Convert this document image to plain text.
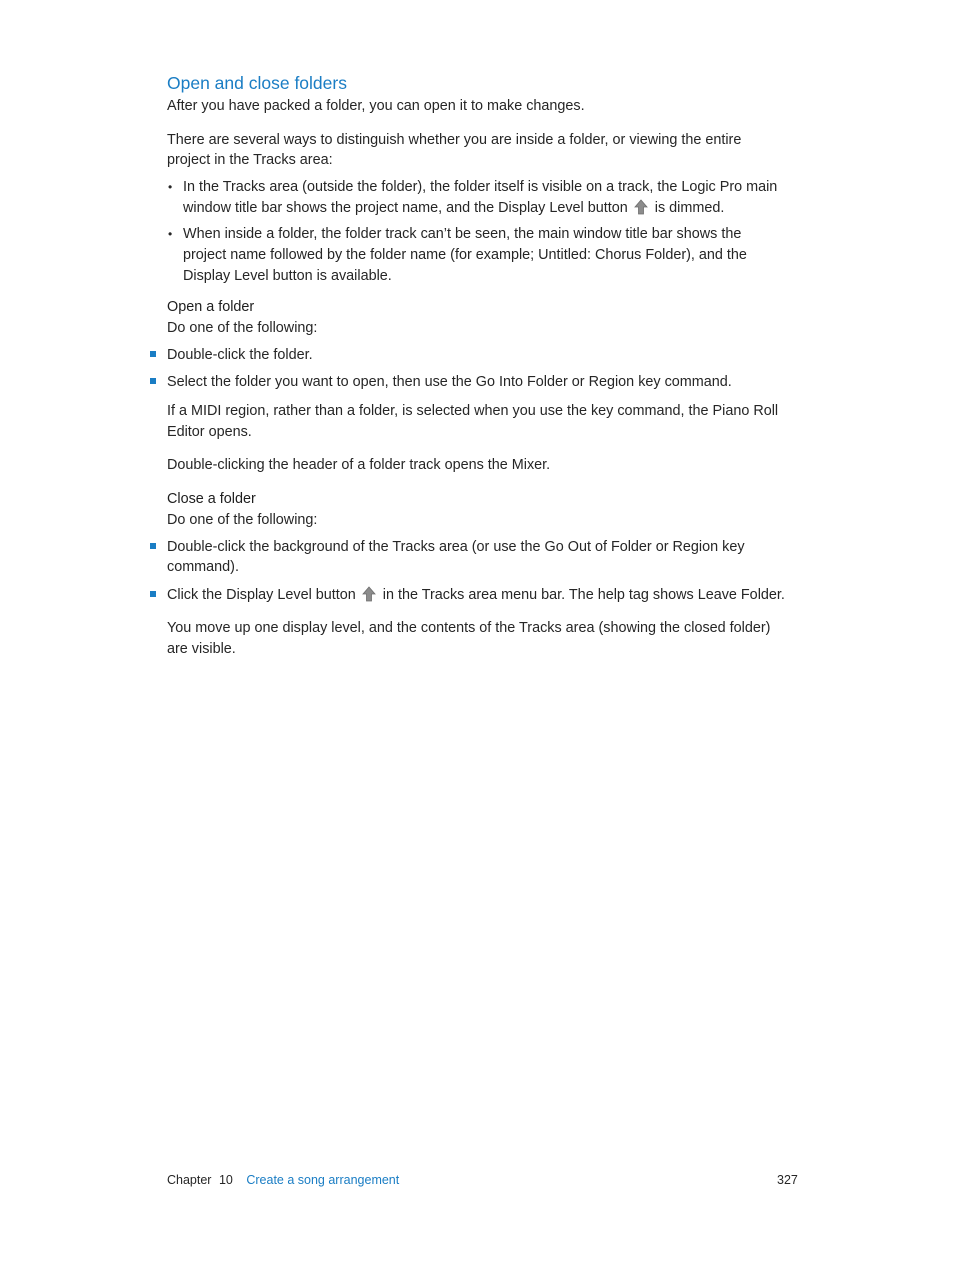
Open and close folders
After you have packed a folder, you can open it to make changes.
There are several ways to distinguish whether you are inside a folder, or viewing the entire
project in the Tracks area:
• In the Tracks area (outside the folder), the folder itself is visible on a track, the Logic Pro main
window title bar shows the project name, and the Display Level button is dimmed.
• When inside a folder, the folder track can’t be seen, the main window title bar shows the
project name followed by the folder name (for example; Untitled: Chorus Folder), and the
Display Level button is available.
Open a folder
Do one of the following:
Double-click the folder.
Select the folder you want to open, then use the Go Into Folder or Region key command.
If a MIDI region, rather than a folder, is selected when you use the key command, the Piano Roll
Editor opens.
Double-clicking the header of a folder track opens the Mixer.
Close a folder
Do one of the following:
Double-click the background of the Tracks area (or use the Go Out of Folder or Region key
command).
Click the Display Level button in the Tracks area menu bar. The help tag shows Leave Folder.
You move up one display level, and the contents of the Tracks area (showing the closed folder)
are visible.
Chapter 10 Create a song arrangement	327
